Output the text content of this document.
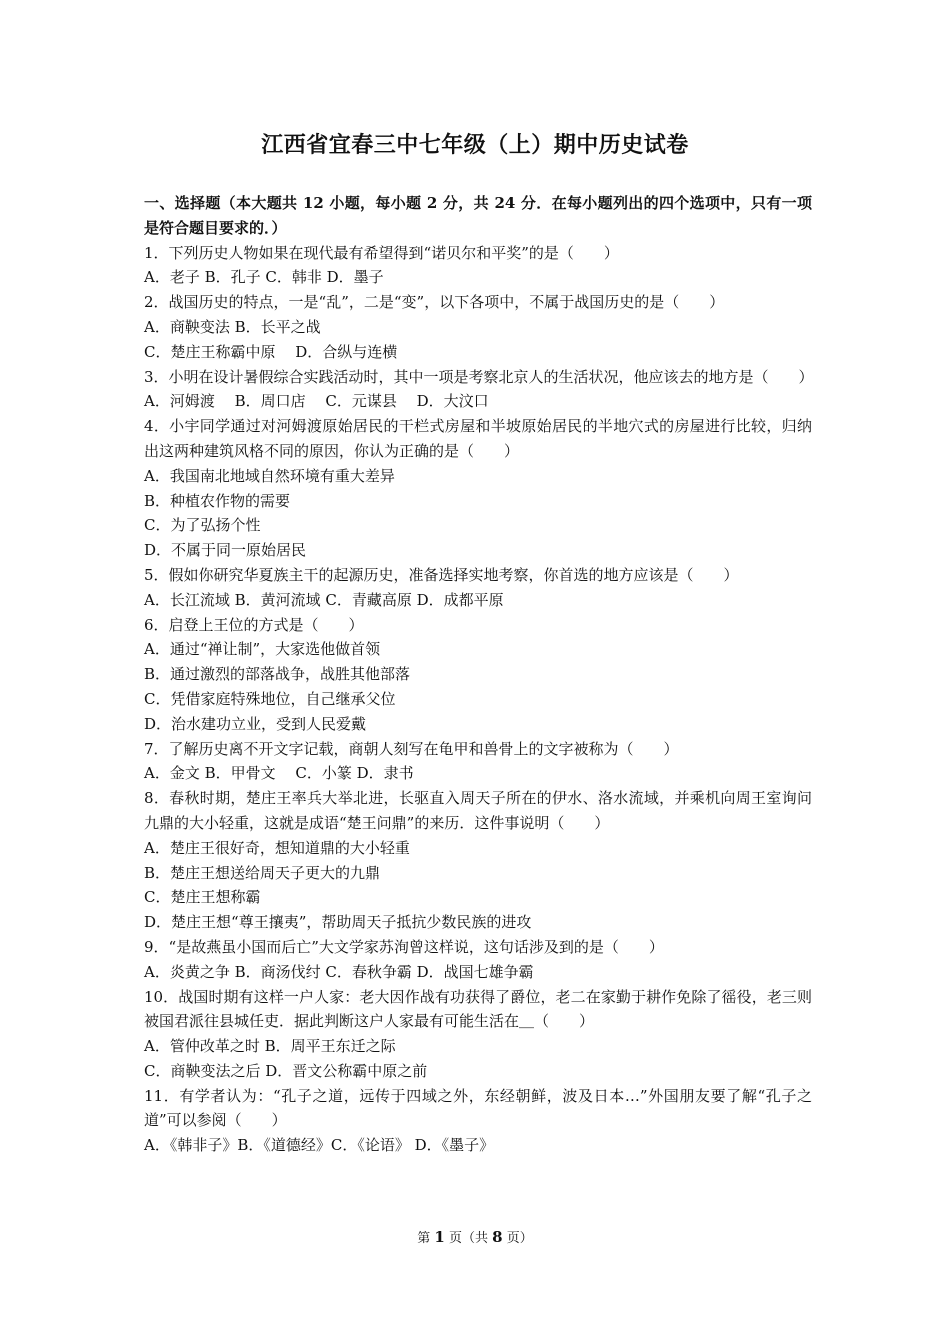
江西省宜春三中七年级（上）期中历史试卷
一、选择题（本大题共 12 小题，每小题 2 分，共 24 分．在每小题列出的四个选项中，只有一项是符合题目要求的．）
1．下列历史人物如果在现代最有希望得到“诺贝尔和平奖”的是（　　）
A．老子 B．孔子 C．韩非 D．墨子
2．战国历史的特点，一是“乱”，二是“变”，以下各项中，不属于战国历史的是（　　）
A．商鞅变法 B．长平之战
C．楚庄王称霸中原　 D．合纵与连横
3．小明在设计暑假综合实践活动时，其中一项是考察北京人的生活状况，他应该去的地方是（　　）
A．河姆渡　 B．周口店　 C．元谋县　 D．大汶口
4．小宇同学通过对河姆渡原始居民的干栏式房屋和半坡原始居民的半地穴式的房屋进行比较，归纳出这两种建筑风格不同的原因，你认为正确的是（　　）
A．我国南北地域自然环境有重大差异
B．种植农作物的需要
C．为了弘扬个性
D．不属于同一原始居民
5．假如你研究华夏族主干的起源历史，准备选择实地考察，你首选的地方应该是（　　）
A．长江流域 B．黄河流域 C．青藏高原 D．成都平原
6．启登上王位的方式是（　　）
A．通过“禅让制”，大家选他做首领
B．通过激烈的部落战争，战胜其他部落
C．凭借家庭特殊地位，自己继承父位
D．治水建功立业，受到人民爱戴
7．了解历史离不开文字记载，商朝人刻写在龟甲和兽骨上的文字被称为（　　）
A．金文 B．甲骨文　 C．小篆 D．隶书
8．春秋时期，楚庄王率兵大举北进，长驱直入周天子所在的伊水、洛水流域，并乘机向周王室询问九鼎的大小轻重，这就是成语“楚王问鼎”的来历．这件事说明（　　）
A．楚庄王很好奇，想知道鼎的大小轻重
B．楚庄王想送给周天子更大的九鼎
C．楚庄王想称霸
D．楚庄王想“尊王攘夷”，帮助周天子抵抗少数民族的进攻
9．“是故燕虽小国而后亡”大文学家苏洵曾这样说，这句话涉及到的是（　　）
A．炎黄之争 B．商汤伐纣 C．春秋争霸 D．战国七雄争霸
10．战国时期有这样一户人家：老大因作战有功获得了爵位，老二在家勤于耕作免除了徭役，老三则被国君派往县城任吏．据此判断这户人家最有可能生活在＿（　　）
A．管仲改革之时 B．周平王东迁之际
C．商鞅变法之后 D．晋文公称霸中原之前
11．有学者认为：“孔子之道，远传于四域之外，东经朝鲜，波及日本…”外国朋友要了解“孔子之道”可以参阅（　　）
A．《韩非子》B．《道德经》C．《论语》 D．《墨子》
第 1 页（共 8 页）
